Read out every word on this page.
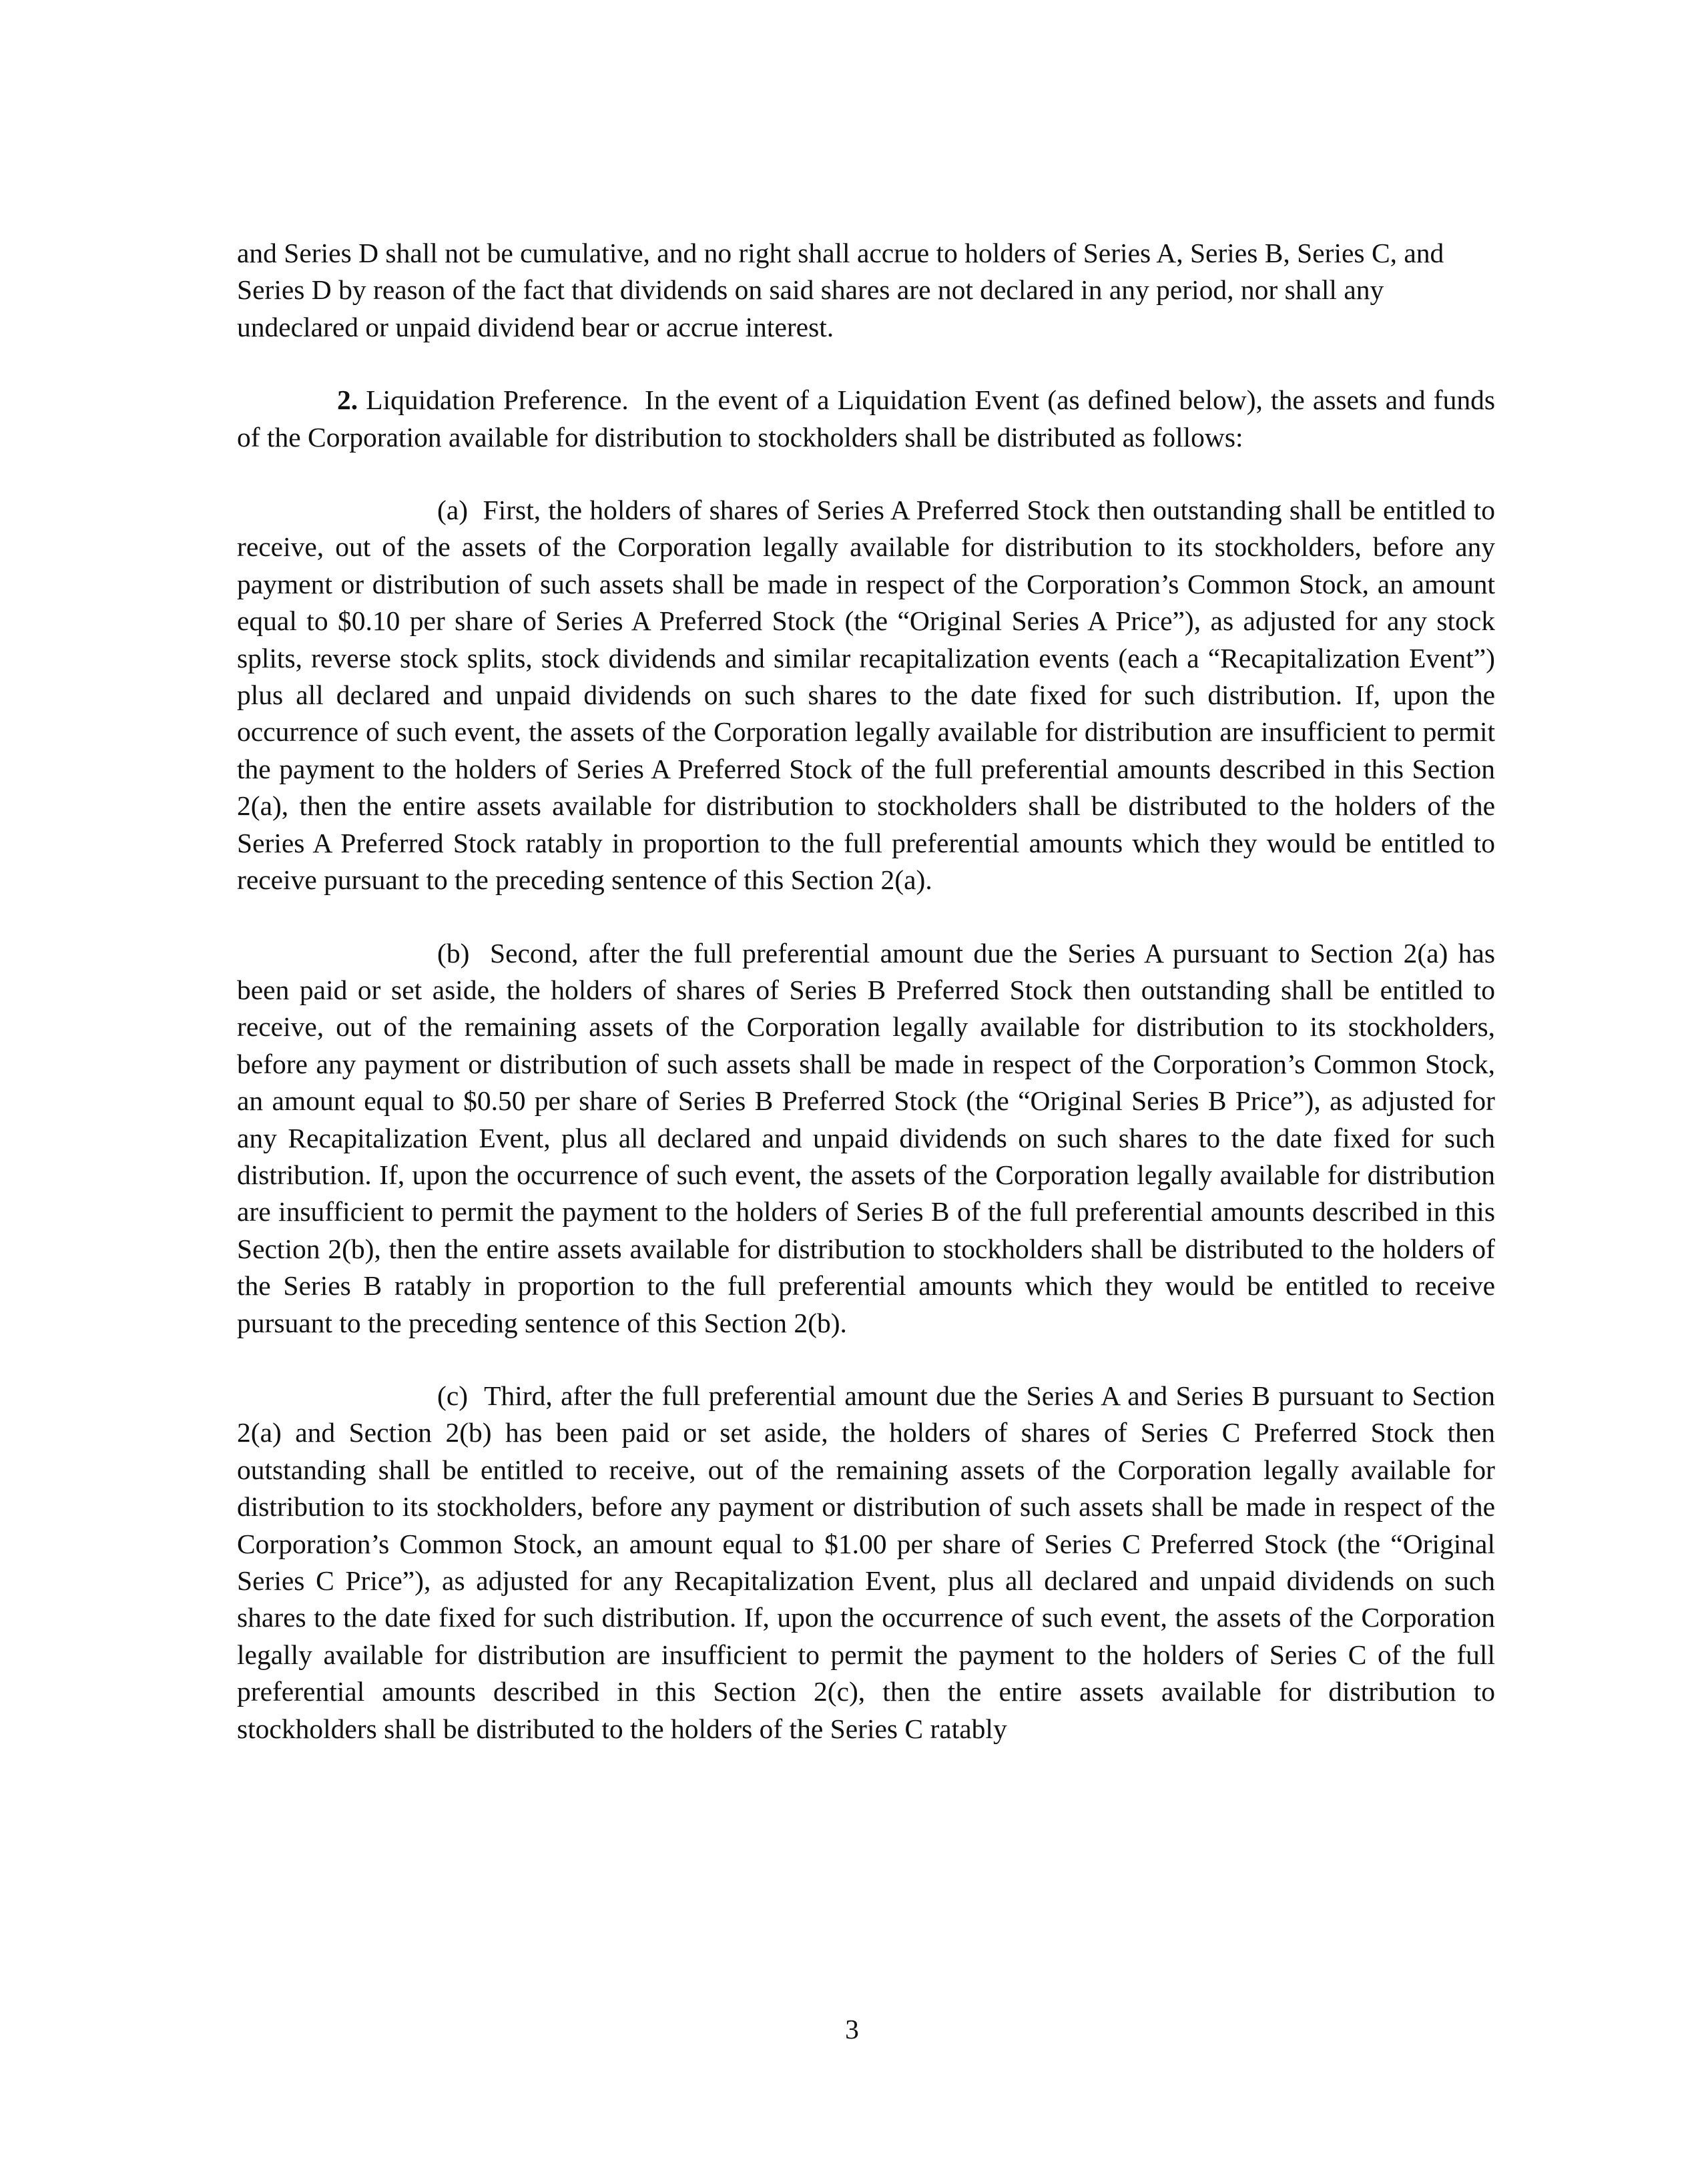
and Series D shall not be cumulative, and no right shall accrue to holders of Series A, Series B, Series C, and Series D by reason of the fact that dividends on said shares are not declared in any period, nor shall any undeclared or unpaid dividend bear or accrue interest.

2. Liquidation Preference. In the event of a Liquidation Event (as defined below), the assets and funds of the Corporation available for distribution to stockholders shall be distributed as follows:

(a) First, the holders of shares of Series A Preferred Stock then outstanding shall be entitled to receive, out of the assets of the Corporation legally available for distribution to its stockholders, before any payment or distribution of such assets shall be made in respect of the Corporation’s Common Stock, an amount equal to $0.10 per share of Series A Preferred Stock (the “Original Series A Price”), as adjusted for any stock splits, reverse stock splits, stock dividends and similar recapitalization events (each a “Recapitalization Event”) plus all declared and unpaid dividends on such shares to the date fixed for such distribution. If, upon the occurrence of such event, the assets of the Corporation legally available for distribution are insufficient to permit the payment to the holders of Series A Preferred Stock of the full preferential amounts described in this Section 2(a), then the entire assets available for distribution to stockholders shall be distributed to the holders of the Series A Preferred Stock ratably in proportion to the full preferential amounts which they would be entitled to receive pursuant to the preceding sentence of this Section 2(a).

(b) Second, after the full preferential amount due the Series A pursuant to Section 2(a) has been paid or set aside, the holders of shares of Series B Preferred Stock then outstanding shall be entitled to receive, out of the remaining assets of the Corporation legally available for distribution to its stockholders, before any payment or distribution of such assets shall be made in respect of the Corporation’s Common Stock, an amount equal to $0.50 per share of Series B Preferred Stock (the “Original Series B Price”), as adjusted for any Recapitalization Event, plus all declared and unpaid dividends on such shares to the date fixed for such distribution. If, upon the occurrence of such event, the assets of the Corporation legally available for distribution are insufficient to permit the payment to the holders of Series B of the full preferential amounts described in this Section 2(b), then the entire assets available for distribution to stockholders shall be distributed to the holders of the Series B ratably in proportion to the full preferential amounts which they would be entitled to receive pursuant to the preceding sentence of this Section 2(b).

(c) Third, after the full preferential amount due the Series A and Series B pursuant to Section 2(a) and Section 2(b) has been paid or set aside, the holders of shares of Series C Preferred Stock then outstanding shall be entitled to receive, out of the remaining assets of the Corporation legally available for distribution to its stockholders, before any payment or distribution of such assets shall be made in respect of the Corporation’s Common Stock, an amount equal to $1.00 per share of Series C Preferred Stock (the “Original Series C Price”), as adjusted for any Recapitalization Event, plus all declared and unpaid dividends on such shares to the date fixed for such distribution. If, upon the occurrence of such event, the assets of the Corporation legally available for distribution are insufficient to permit the payment to the holders of Series C of the full preferential amounts described in this Section 2(c), then the entire assets available for distribution to stockholders shall be distributed to the holders of the Series C ratably

3
